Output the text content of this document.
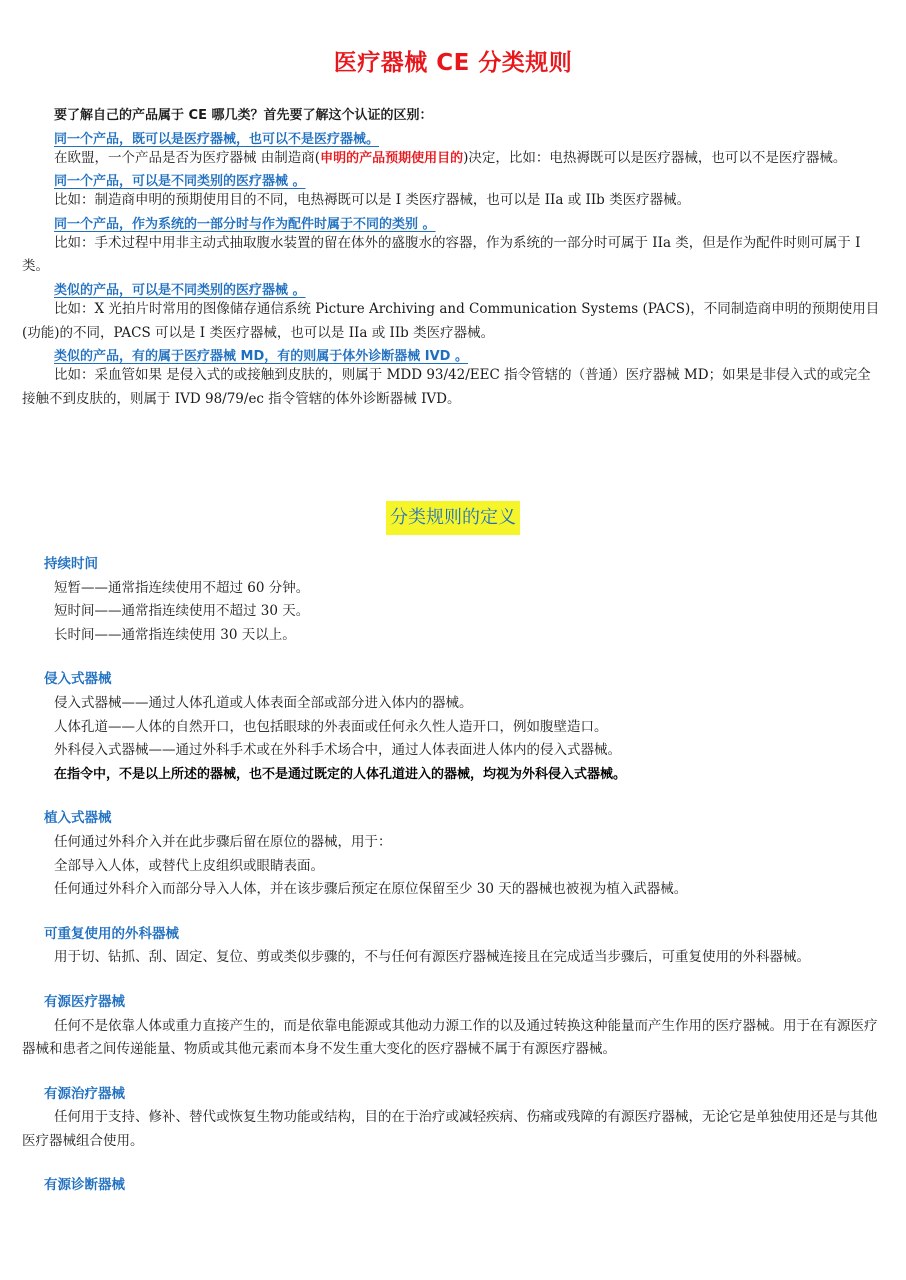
医疗器械 CE 分类规则

要了解自己的产品属于 CE 哪几类？首先要了解这个认证的区别：

同一个产品，既可以是医疗器械，也可以不是医疗器械。

在欧盟，一个产品是否为医疗器械 由制造商(申明的产品预期使用目的)决定，比如：电热褥既可以是医疗器械，也可以不是医疗器械。

同一个产品，可以是不同类别的医疗器械 。

比如：制造商申明的预期使用目的不同，电热褥既可以是 I 类医疗器械，也可以是 IIa 或 IIb 类医疗器械。

同一个产品，作为系统的一部分时与作为配件时属于不同的类别 。

比如：手术过程中用非主动式抽取腹水装置的留在体外的盛腹水的容器，作为系统的一部分时可属于 IIa 类，但是作为配件时则可属于 I 类。

类似的产品，可以是不同类别的医疗器械 。

比如：X 光拍片时常用的图像储存通信系统 Picture Archiving and Communication Systems (PACS)，不同制造商申明的预期使用目(功能)的不同，PACS 可以是 I 类医疗器械，也可以是 IIa 或 IIb 类医疗器械。

类似的产品，有的属于医疗器械 MD，有的则属于体外诊断器械 IVD 。

比如：采血管如果 是侵入式的或接触到皮肤的，则属于 MDD 93/42/EEC 指令管辖的（普通）医疗器械 MD；如果是非侵入式的或完全接触不到皮肤的，则属于 IVD 98/79/ec 指令管辖的体外诊断器械 IVD。

分类规则的定义

持续时间

短暂——通常指连续使用不超过 60 分钟。

短时间——通常指连续使用不超过 30 天。

长时间——通常指连续使用 30 天以上。

侵入式器械

侵入式器械——通过人体孔道或人体表面全部或部分进入体内的器械。

人体孔道——人体的自然开口，也包括眼球的外表面或任何永久性人造开口，例如腹壁造口。

外科侵入式器械——通过外科手术或在外科手术场合中，通过人体表面进人体内的侵入式器械。

在指令中，不是以上所述的器械，也不是通过既定的人体孔道进入的器械，均视为外科侵入式器械。

植入式器械

任何通过外科介入并在此步骤后留在原位的器械，用于：

全部导入人体，或替代上皮组织或眼睛表面。

任何通过外科介入而部分导入人体，并在该步骤后预定在原位保留至少 30 天的器械也被视为植入武器械。

可重复使用的外科器械

用于切、钻抓、刮、固定、复位、剪或类似步骤的，不与任何有源医疗器械连接且在完成适当步骤后，可重复使用的外科器械。

有源医疗器械

任何不是依靠人体或重力直接产生的，而是依靠电能源或其他动力源工作的以及通过转换这种能量而产生作用的医疗器械。用于在有源医疗器械和患者之间传递能量、物质或其他元素而本身不发生重大变化的医疗器械不属于有源医疗器械。

有源治疗器械

任何用于支持、修补、替代或恢复生物功能或结构，目的在于治疗或减轻疾病、伤痛或残障的有源医疗器械，无论它是单独使用还是与其他医疗器械组合使用。

有源诊断器械
